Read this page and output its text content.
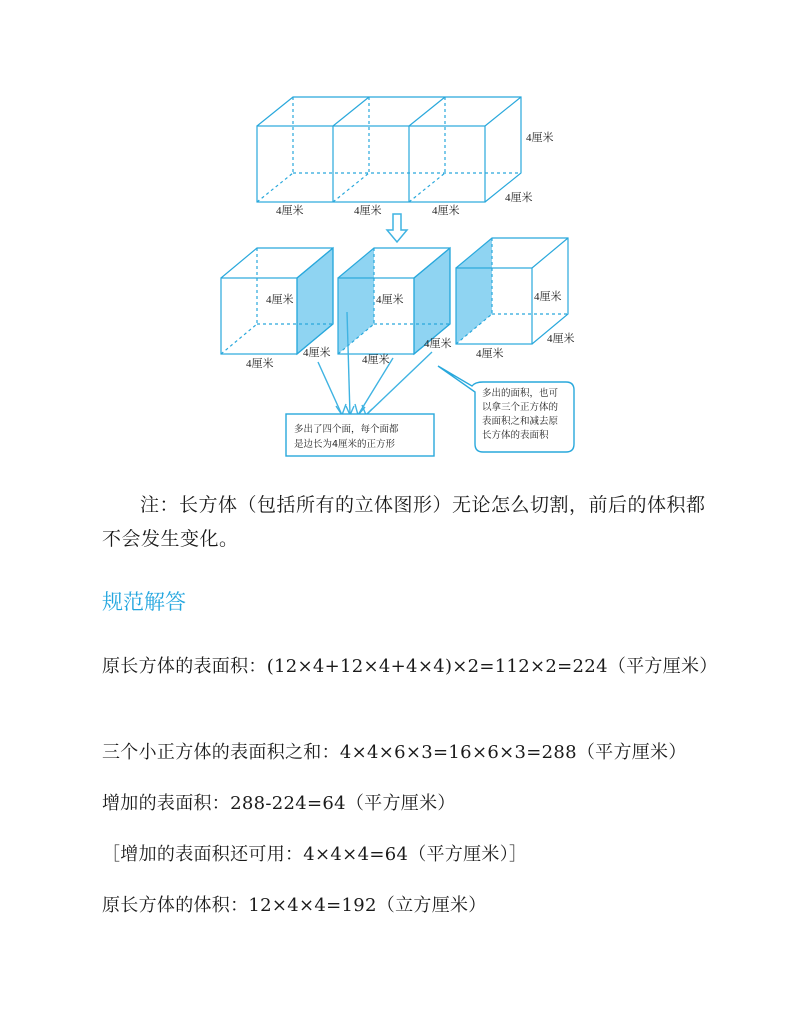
4厘米	4厘米	4厘米
4厘米
4厘米
4厘米
4厘米
4厘米
4厘米
4厘米
4厘米
4厘米
4厘米
4厘米
多出了四个面，每个面都
是边长为4厘米的正方形
多出的面积，也可
以拿三个正方体的
表面积之和减去原
长方体的表面积

注：长方体（包括所有的立体图形）无论怎么切割，前后的体积都不会发生变化。

规范解答

原长方体的表面积：(12×4+12×4+4×4)×2=112×2=224（平方厘米）

三个小正方体的表面积之和：4×4×6×3=16×6×3=288（平方厘米）

增加的表面积：288-224=64（平方厘米）

［增加的表面积还可用：4×4×4=64（平方厘米）］

原长方体的体积：12×4×4=192（立方厘米）
